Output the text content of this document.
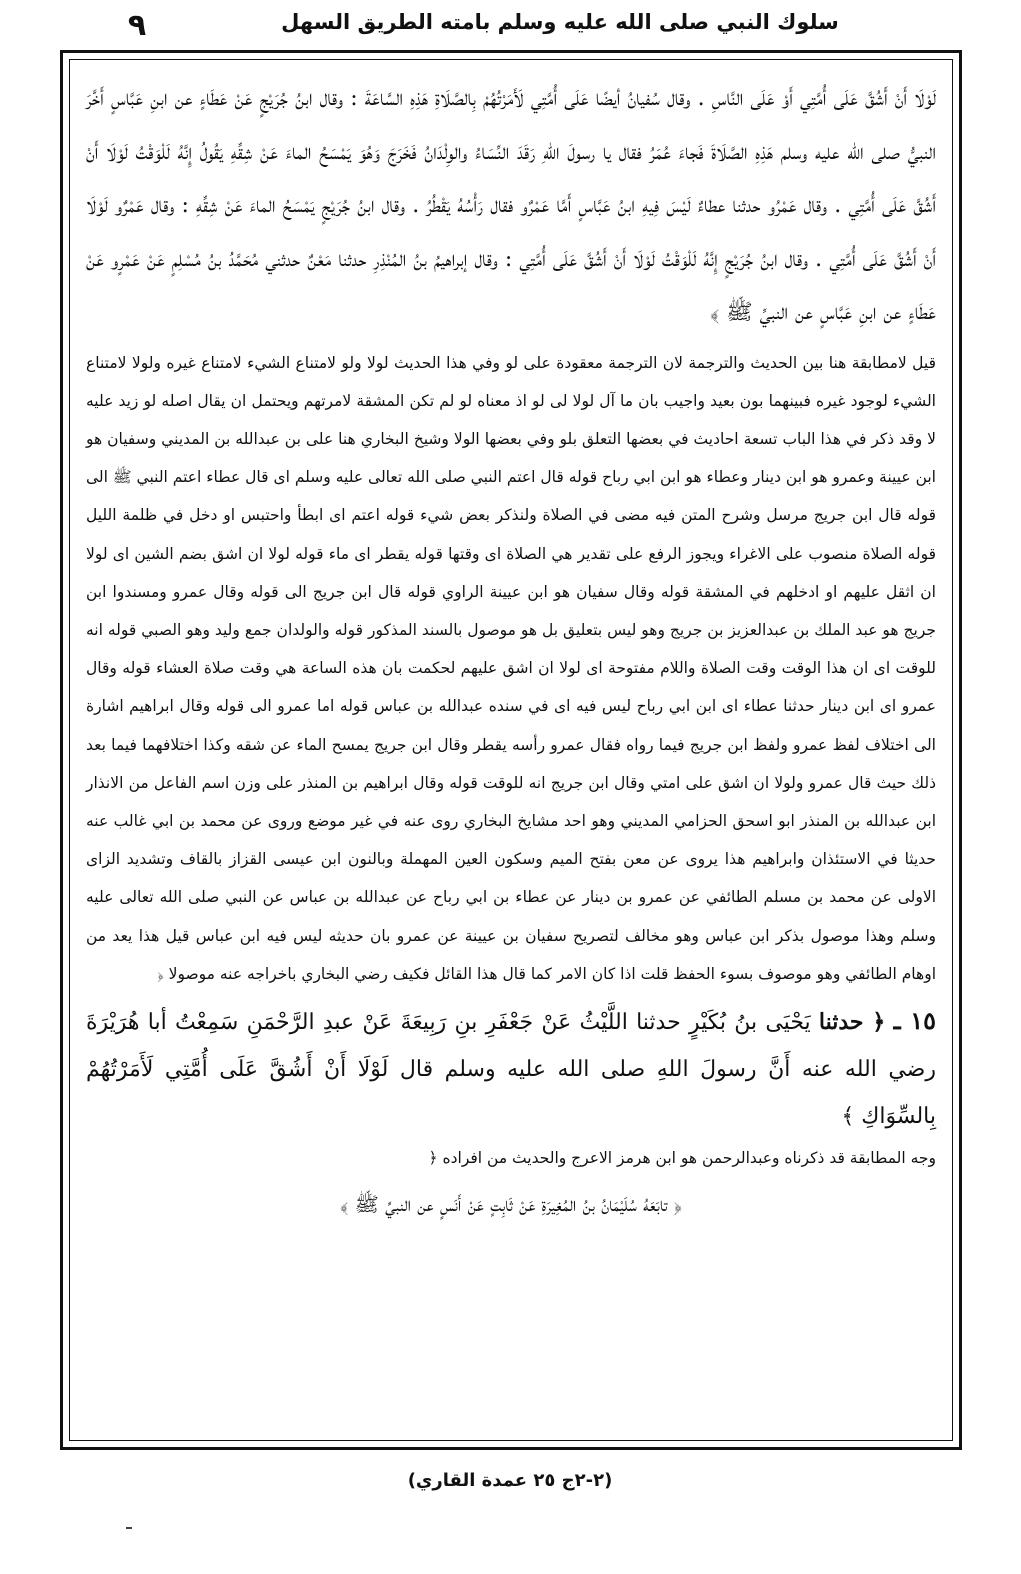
٩	سلوك النبي صلى الله عليه وسلم بامته الطريق السهل

لَوْلَا أَنْ أَشُقَّ عَلَى أُمَّتِي أَوْ عَلَى النَّاسِ . وقال سُفيانُ أيضًا عَلَى أُمَّتِي لَأَمَرْتُهُمْ بِالصَّلَاةِ هَذِهِ السَّاعَةَ : وقال ابنُ جُرَيْجٍ عَنْ عَطَاءٍ عن ابنِ عَبَّاسٍ أَخَّرَ النبيُّ صلى الله عليه وسلم هَذِهِ الصَّلَاةَ فَجاءَ عُمَرُ فقال يا رسولَ اللهِ رَقَدَ النِّسَاءُ والوِلْدَانُ فَخَرَجَ وَهُوَ يَمْسَحُ الماءَ عَنْ شِقِّهِ يَقُولُ إِنَّهُ لَلْوَقْتُ لَوْلَا أَنْ أَشُقَّ عَلَى أُمَّتِي . وقال عَمْرُو حدثنا عطاءٌ لَيْسَ فِيهِ ابنُ عَبَّاسٍ أَمَّا عَمْرٌو فقال رَأْسُهُ يَقْطُرُ . وقال ابنُ جُرَيْجٍ يَمْسَحُ الماءَ عَنْ شِقِّهِ : وقال عَمْرٌو لَوْلَا أَنْ أَشُقَّ عَلَى أُمَّتِي . وقال ابنُ جُرَيْجٍ إِنَّهُ لَلْوَقْتُ لَوْلَا أَنْ أَشُقَّ عَلَى أُمَّتِي : وقال إبراهيمُ بنُ المُنْذِرِ حدثنا مَعْنٌ حدثني مُحَمَّدُ بنُ مُسْلِمٍ عَنْ عَمْرٍو عَنْ عَطَاءٍ عن ابنِ عَبَّاسٍ عن النبيِّ ﷺ ﴾

قيل لامطابقة هنا بين الحديث والترجمة لان الترجمة معقودة على لو وفي هذا الحديث لولا ولو لامتناع الشيء لامتناع غيره ولولا لامتناع الشيء لوجود غيره فبينهما بون بعيد واجيب بان ما آل لولا لى لو اذ معناه لو لم تكن المشقة لامرتهم ويحتمل ان يقال اصله لو زيد عليه لا وقد ذكر في هذا الباب تسعة احاديث في بعضها التعلق بلو وفي بعضها الولا وشيخ البخاري هنا على بن عبدالله بن المديني وسفيان هو ابن عيينة وعمرو هو ابن دينار وعطاء هو ابن ابي رباح قوله قال اعتم النبي صلى الله تعالى عليه وسلم اى قال عطاء اعتم النبي ﷺ الى قوله قال ابن جريج مرسل وشرح المتن فيه مضى في الصلاة ولنذكر بعض شيء قوله اعتم اى ابطأ واحتبس او دخل في ظلمة الليل قوله الصلاة منصوب على الاغراء ويجوز الرفع على تقدير هي الصلاة اى وقتها قوله يقطر اى ماء قوله لولا ان اشق بضم الشين اى لولا ان اثقل عليهم او ادخلهم في المشقة قوله وقال سفيان هو ابن عيينة الراوي قوله قال ابن جريج الى قوله وقال عمرو ومسندوا ابن جريج هو عبد الملك بن عبدالعزيز بن جريج وهو ليس بتعليق بل هو موصول بالسند المذكور قوله والولدان جمع وليد وهو الصبي قوله انه للوقت اى ان هذا الوقت وقت الصلاة واللام مفتوحة اى لولا ان اشق عليهم لحكمت بان هذه الساعة هي وقت صلاة العشاء قوله وقال عمرو اى ابن دينار حدثنا عطاء اى ابن ابي رباح ليس فيه اى في سنده عبدالله بن عباس قوله اما عمرو الى قوله وقال ابراهيم اشارة الى اختلاف لفظ عمرو ولفظ ابن جريج فيما رواه فقال عمرو رأسه يقطر وقال ابن جريج يمسح الماء عن شقه وكذا اختلافهما فيما بعد ذلك حيث قال عمرو ولولا ان اشق على امتي وقال ابن جريج انه للوقت قوله وقال ابراهيم بن المنذر على وزن اسم الفاعل من الانذار ابن عبدالله بن المنذر ابو اسحق الحزامي المديني وهو احد مشايخ البخاري روى عنه في غير موضع وروى عن محمد بن ابي غالب عنه حديثا في الاستئذان وابراهيم هذا يروى عن معن بفتح الميم وسكون العين المهملة وبالنون ابن عيسى القزاز بالقاف وتشديد الزاى الاولى عن محمد بن مسلم الطائفي عن عمرو بن دينار عن عطاء بن ابي رباح عن عبدالله بن عباس عن النبي صلى الله تعالى عليه وسلم وهذا موصول بذكر ابن عباس وهو مخالف لتصريح سفيان بن عيينة عن عمرو بان حديثه ليس فيه ابن عباس قيل هذا يعد من اوهام الطائفي وهو موصوف بسوء الحفظ قلت اذا كان الامر كما قال هذا القائل فكيف رضي البخاري باخراجه عنه موصولا ﴿

١٥ ـ ﴿ حدثنا يَحْيَى بنُ بُكَيْرٍ حدثنا اللَّيْثُ عَنْ جَعْفَرِ بنِ رَبِيعَةَ عَنْ عبدِ الرَّحْمَنِ سَمِعْتُ أبا هُرَيْرَةَ رضي الله عنه أَنَّ رسولَ اللهِ صلى الله عليه وسلم قال لَوْلَا أَنْ أَشُقَّ عَلَى أُمَّتِي لَأَمَرْتُهُمْ بِالسِّوَاكِ ﴾

وجه المطابقة قد ذكرناه وعبدالرحمن هو ابن هرمز الاعرج والحديث من افراده ﴿

﴿ تابَعَهُ سُلَيْمَانُ بنُ المُغِيرَةِ عَنْ ثَابِتٍ عَنْ أَنَسٍ عن النبيِّ ﷺ ﴾

(٢-٢ج ٢٥ عمدة القاري)
